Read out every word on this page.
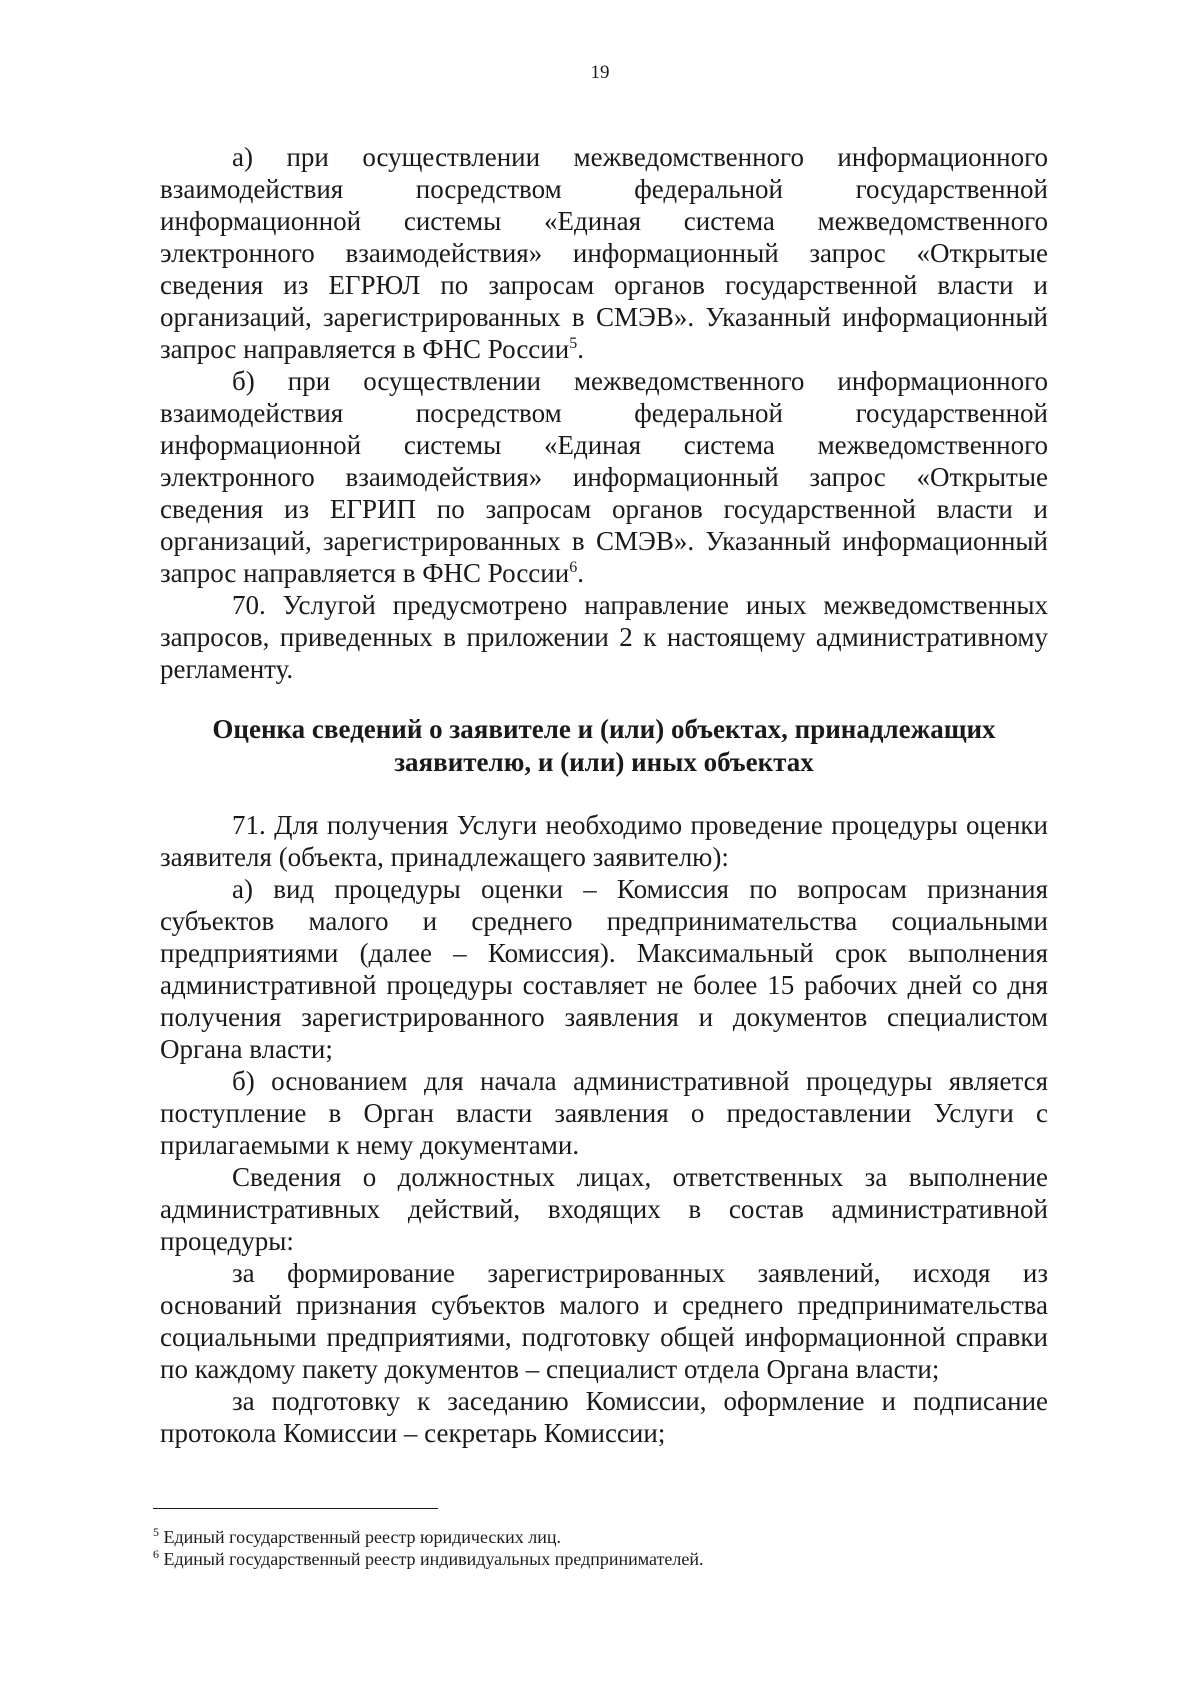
19

а) при осуществлении межведомственного информационного взаимодействия посредством федеральной государственной информационной системы «Единая система межведомственного электронного взаимодействия» информационный запрос «Открытые сведения из ЕГРЮЛ по запросам органов государственной власти и организаций, зарегистрированных в СМЭВ». Указанный информационный запрос направляется в ФНС России$^5$.

б) при осуществлении межведомственного информационного взаимодействия посредством федеральной государственной информационной системы «Единая система межведомственного электронного взаимодействия» информационный запрос «Открытые сведения из ЕГРИП по запросам органов государственной власти и организаций, зарегистрированных в СМЭВ». Указанный информационный запрос направляется в ФНС России$^6$.

70. Услугой предусмотрено направление иных межведомственных запросов, приведенных в приложении 2 к настоящему административному регламенту.

Оценка сведений о заявителе и (или) объектах, принадлежащих заявителю, и (или) иных объектах

71. Для получения Услуги необходимо проведение процедуры оценки заявителя (объекта, принадлежащего заявителю):

а) вид процедуры оценки – Комиссия по вопросам признания субъектов малого и среднего предпринимательства социальными предприятиями (далее – Комиссия). Максимальный срок выполнения административной процедуры составляет не более 15 рабочих дней со дня получения зарегистрированного заявления и документов специалистом Органа власти;

б) основанием для начала административной процедуры является поступление в Орган власти заявления о предоставлении Услуги с прилагаемыми к нему документами.

Сведения о должностных лицах, ответственных за выполнение административных действий, входящих в состав административной процедуры:

за формирование зарегистрированных заявлений, исходя из оснований признания субъектов малого и среднего предпринимательства социальными предприятиями, подготовку общей информационной справки по каждому пакету документов – специалист отдела Органа власти;

за подготовку к заседанию Комиссии, оформление и подписание протокола Комиссии – секретарь Комиссии;

$^5$ Единый государственный реестр юридических лиц.

$^6$ Единый государственный реестр индивидуальных предпринимателей.
